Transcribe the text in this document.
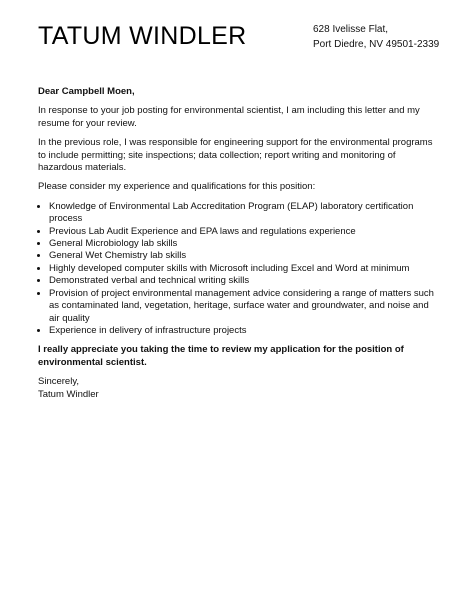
TATUM WINDLER	628 Ivelisse Flat,
Port Diedre, NV 49501-2339
Dear Campbell Moen,

In response to your job posting for environmental scientist, I am including this letter and my resume for your review.

In the previous role, I was responsible for engineering support for the environmental programs to include permitting; site inspections; data collection; report writing and monitoring of hazardous materials.

Please consider my experience and qualifications for this position:

• Knowledge of Environmental Lab Accreditation Program (ELAP) laboratory certification process
• Previous Lab Audit Experience and EPA laws and regulations experience
• General Microbiology lab skills
• General Wet Chemistry lab skills
• Highly developed computer skills with Microsoft including Excel and Word at minimum
• Demonstrated verbal and technical writing skills
• Provision of project environmental management advice considering a range of matters such as contaminated land, vegetation, heritage, surface water and groundwater, and noise and air quality
• Experience in delivery of infrastructure projects

I really appreciate you taking the time to review my application for the position of environmental scientist.

Sincerely,

Tatum Windler
